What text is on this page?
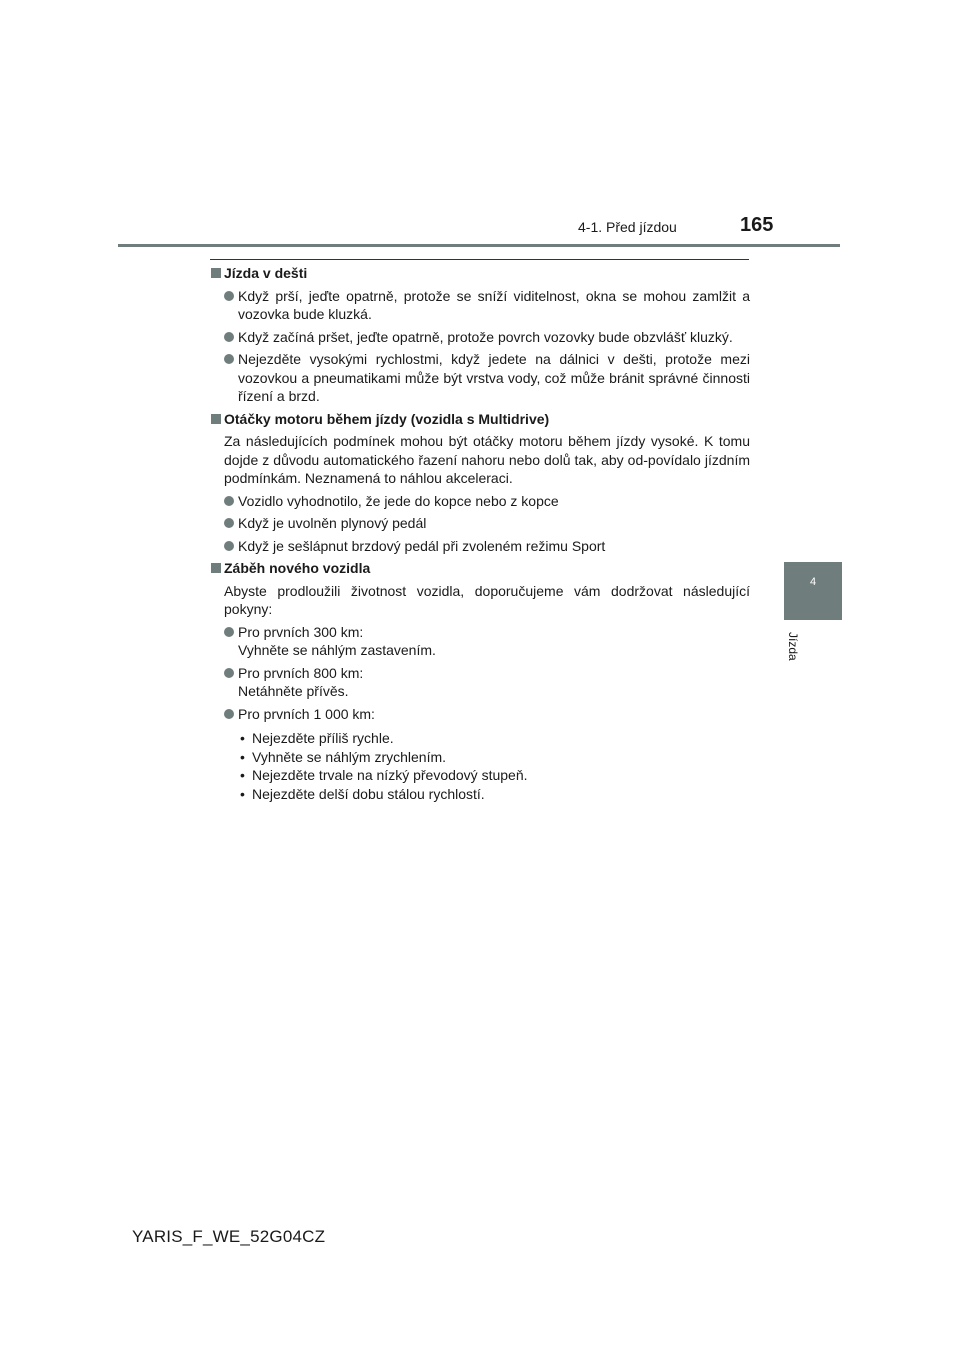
4-1. Před jízdou	165
4
Jízda
Jízda v dešti
Když prší, jeďte opatrně, protože se sníží viditelnost, okna se mohou zamlžit a vozovka bude kluzká.
Když začíná pršet, jeďte opatrně, protože povrch vozovky bude obzvlášť kluzký.
Nejezděte vysokými rychlostmi, když jedete na dálnici v dešti, protože mezi vozovkou a pneumatikami může být vrstva vody, což může bránit správné činnosti řízení a brzd.
Otáčky motoru během jízdy (vozidla s Multidrive)
Za následujících podmínek mohou být otáčky motoru během jízdy vysoké. K tomu dojde z důvodu automatického řazení nahoru nebo dolů tak, aby od-povídalo jízdním podmínkám. Neznamená to náhlou akceleraci.
Vozidlo vyhodnotilo, že jede do kopce nebo z kopce
Když je uvolněn plynový pedál
Když je sešlápnut brzdový pedál při zvoleném režimu Sport
Záběh nového vozidla
Abyste prodloužili životnost vozidla, doporučujeme vám dodržovat následující pokyny:
Pro prvních 300 km:
Vyhněte se náhlým zastavením.
Pro prvních 800 km:
Netáhněte přívěs.
Pro prvních 1 000 km:
• Nejezděte příliš rychle.
• Vyhněte se náhlým zrychlením.
• Nejezděte trvale na nízký převodový stupeň.
• Nejezděte delší dobu stálou rychlostí.
YARIS_F_WE_52G04CZ
